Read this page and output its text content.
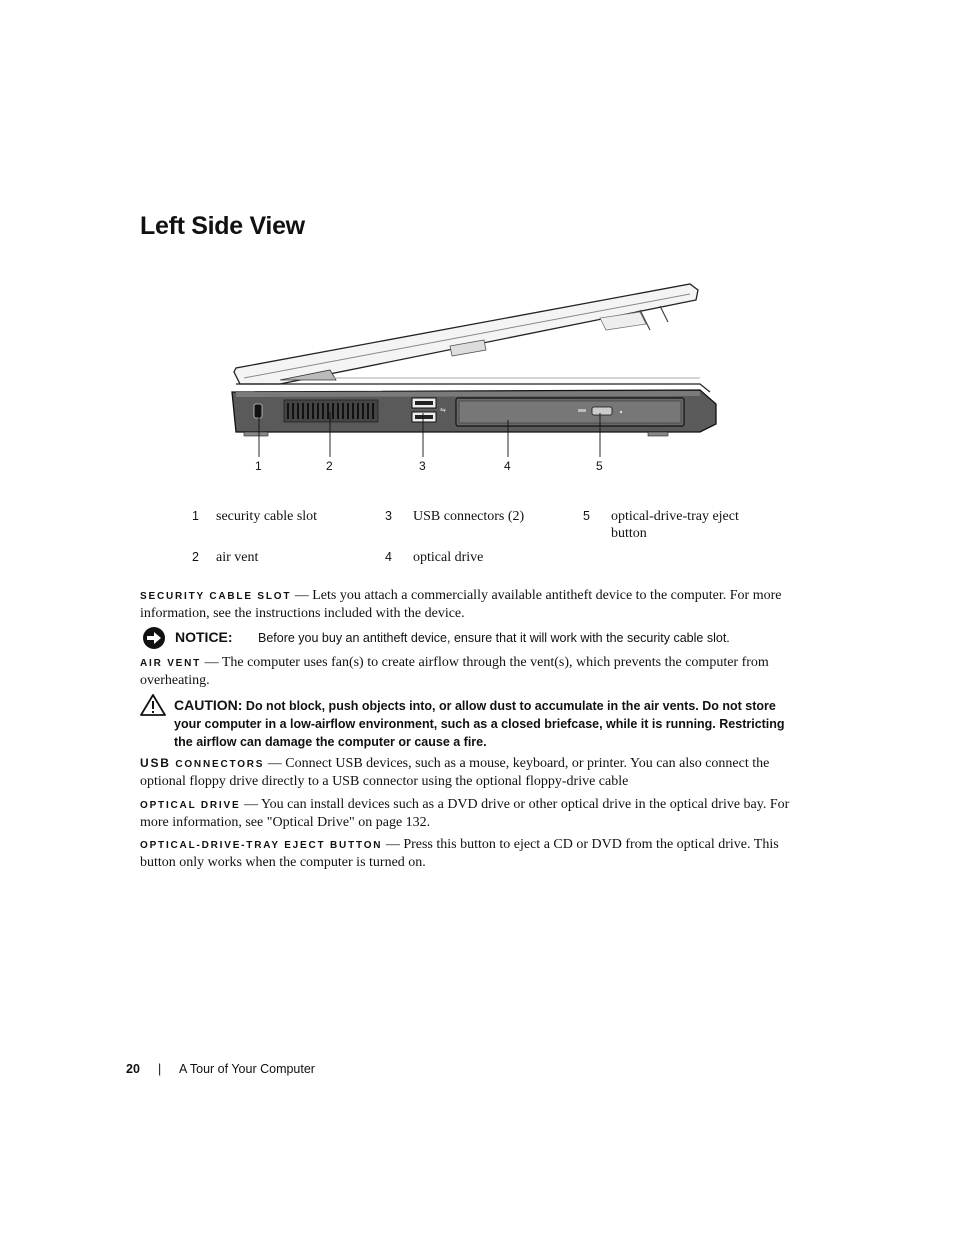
Left Side View
⇋
1	2	3	4	5
1 security cable slot
2 air vent
3 USB connectors (2)
4 optical drive
5 optical-drive-tray eject button
SECURITY CABLE SLOT — Lets you attach a commercially available antitheft device to the computer. For more information, see the instructions included with the device.
NOTICE: Before you buy an antitheft device, ensure that it will work with the security cable slot.
AIR VENT — The computer uses fan(s) to create airflow through the vent(s), which prevents the computer from overheating.
CAUTION: Do not block, push objects into, or allow dust to accumulate in the air vents. Do not store your computer in a low-airflow environment, such as a closed briefcase, while it is running. Restricting the airflow can damage the computer or cause a fire.
USB CONNECTORS — Connect USB devices, such as a mouse, keyboard, or printer. You can also connect the optional floppy drive directly to a USB connector using the optional floppy-drive cable
OPTICAL DRIVE — You can install devices such as a DVD drive or other optical drive in the optical drive bay. For more information, see "Optical Drive" on page 132.
OPTICAL-DRIVE-TRAY EJECT BUTTON — Press this button to eject a CD or DVD from the optical drive. This button only works when the computer is turned on.
20 | A Tour of Your Computer
